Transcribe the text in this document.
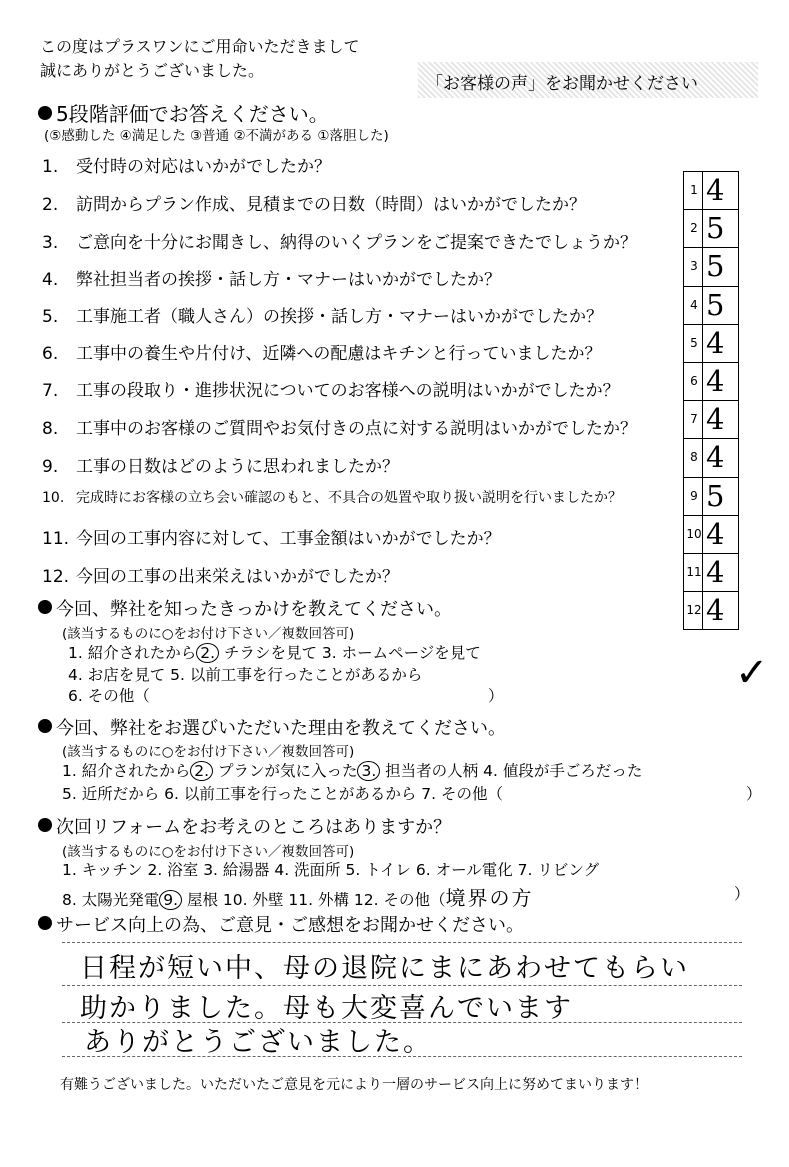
この度はプラスワンにご用命いただきまして
誠にありがとうございました。
「お客様の声」をお聞かせください
5段階評価でお答えください。
(⑤感動した ④満足した ③普通 ②不満がある ①落胆した)
1. 受付時の対応はいかがでしたか？
2. 訪問からプラン作成、見積までの日数（時間）はいかがでしたか？
3. ご意向を十分にお聞きし、納得のいくプランをご提案できたでしょうか？
4. 弊社担当者の挨拶・話し方・マナーはいかがでしたか？
5. 工事施工者（職人さん）の挨拶・話し方・マナーはいかがでしたか？
6. 工事中の養生や片付け、近隣への配慮はキチンと行っていましたか？
7. 工事の段取り・進捗状況についてのお客様への説明はいかがでしたか？
8. 工事中のお客様のご質問やお気付きの点に対する説明はいかがでしたか？
9. 工事の日数はどのように思われましたか？
10. 完成時にお客様の立ち会い確認のもと、不具合の処置や取り扱い説明を行いましたか？
11. 今回の工事内容に対して、工事金額はいかがでしたか？
12. 今回の工事の出来栄えはいかがでしたか？
1 4
2 5
3 5
4 5
5 4
6 4
7 4
8 4
9 5
10 4
11 4
12 4
✓
今回、弊社を知ったきっかけを教えてください。
(該当するものに○をお付け下さい／複数回答可)
1. 紹介されたから 2. チラシを見て 3. ホームページを見て
4. お店を見て 5. 以前工事を行ったことがあるから
6. その他（	）
今回、弊社をお選びいただいた理由を教えてください。
(該当するものに○をお付け下さい／複数回答可)
1. 紹介されたから 2. プランが気に入った 3. 担当者の人柄 4. 値段が手ごろだった
5. 近所だから 6. 以前工事を行ったことがあるから 7. その他（	）
次回リフォームをお考えのところはありますか？
(該当するものに○をお付け下さい／複数回答可)
1. キッチン 2. 浴室 3. 給湯器 4. 洗面所 5. トイレ 6. オール電化 7. リビング
8. 太陽光発電 9. 屋根 10. 外壁 11. 外構 12. その他（境界の方	）
サービス向上の為、ご意見・ご感想をお聞かせください。
日程が短い中、母の退院にまにあわせてもらい
助かりました。母も大変喜んでいます
ありがとうございました。
有難うございました。いただいたご意見を元により一層のサービス向上に努めてまいります！
